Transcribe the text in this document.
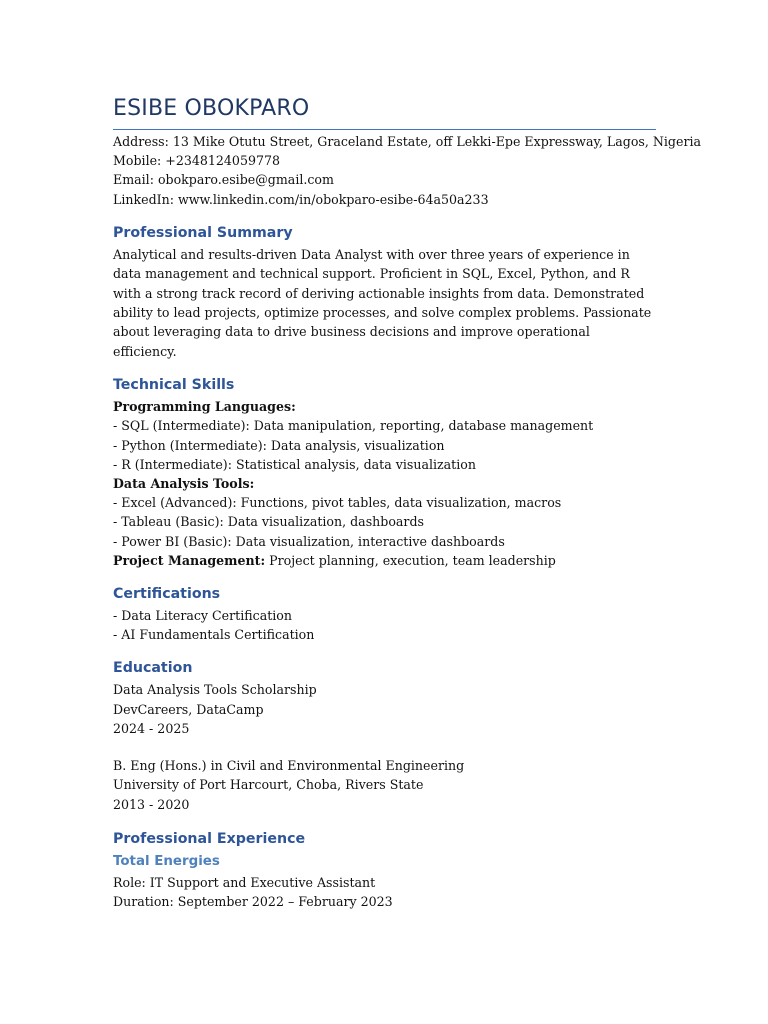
ESIBE OBOKPARO

Address: 13 Mike Otutu Street, Graceland Estate, off Lekki-Epe Expressway, Lagos, Nigeria

Mobile: +2348124059778

Email: obokparo.esibe@gmail.com

LinkedIn: www.linkedin.com/in/obokparo-esibe-64a50a233

Professional Summary

Analytical and results-driven Data Analyst with over three years of experience in data management and technical support. Proficient in SQL, Excel, Python, and R with a strong track record of deriving actionable insights from data. Demonstrated ability to lead projects, optimize processes, and solve complex problems. Passionate about leveraging data to drive business decisions and improve operational efficiency.

Technical Skills

Programming Languages:

- SQL (Intermediate): Data manipulation, reporting, database management

- Python (Intermediate): Data analysis, visualization

- R (Intermediate): Statistical analysis, data visualization

Data Analysis Tools:

- Excel (Advanced): Functions, pivot tables, data visualization, macros

- Tableau (Basic): Data visualization, dashboards

- Power BI (Basic): Data visualization, interactive dashboards

Project Management: Project planning, execution, team leadership

Certifications

- Data Literacy Certification

- AI Fundamentals Certification

Education

Data Analysis Tools Scholarship

DevCareers, DataCamp

2024 - 2025

B. Eng (Hons.) in Civil and Environmental Engineering

University of Port Harcourt, Choba, Rivers State

2013 - 2020

Professional Experience
Total Energies

Role: IT Support and Executive Assistant

Duration: September 2022 – February 2023
